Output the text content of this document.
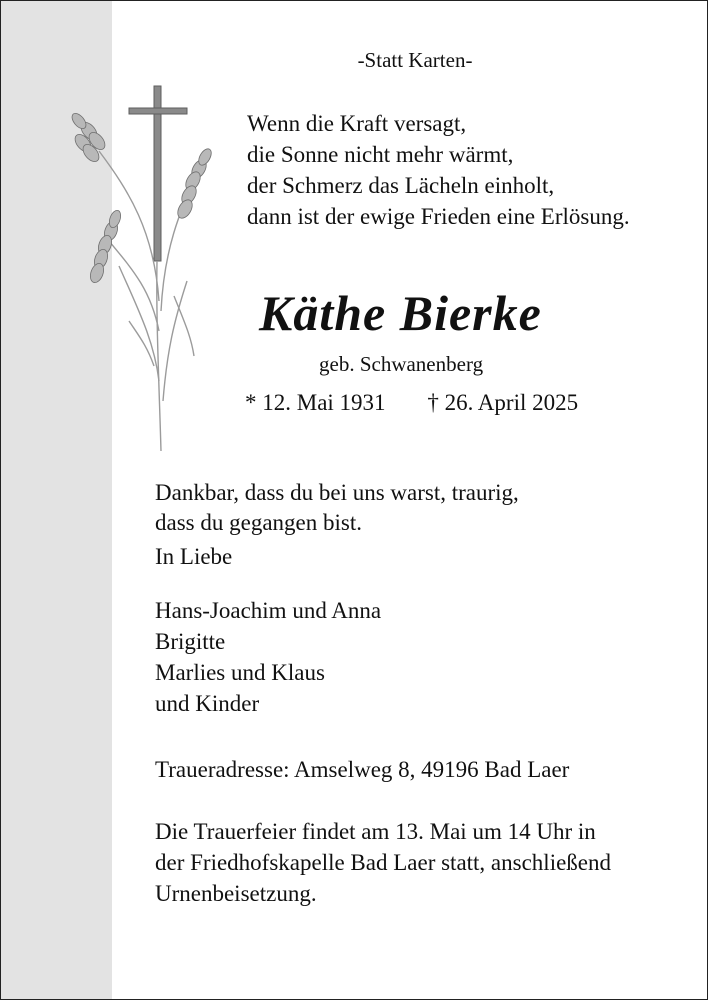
-Statt Karten-
Wenn die Kraft versagt,
die Sonne nicht mehr wärmt,
der Schmerz das Lächeln einholt,
dann ist der ewige Frieden eine Erlösung.
Käthe Bierke
geb. Schwanenberg
* 12. Mai 1931 † 26. April 2025
Dankbar, dass du bei uns warst, traurig,
dass du gegangen bist.
In Liebe
Hans-Joachim und Anna
Brigitte
Marlies und Klaus
und Kinder
Traueradresse: Amselweg 8, 49196 Bad Laer
Die Trauerfeier findet am 13. Mai um 14 Uhr in
der Friedhofskapelle Bad Laer statt, anschließend
Urnenbeisetzung.
